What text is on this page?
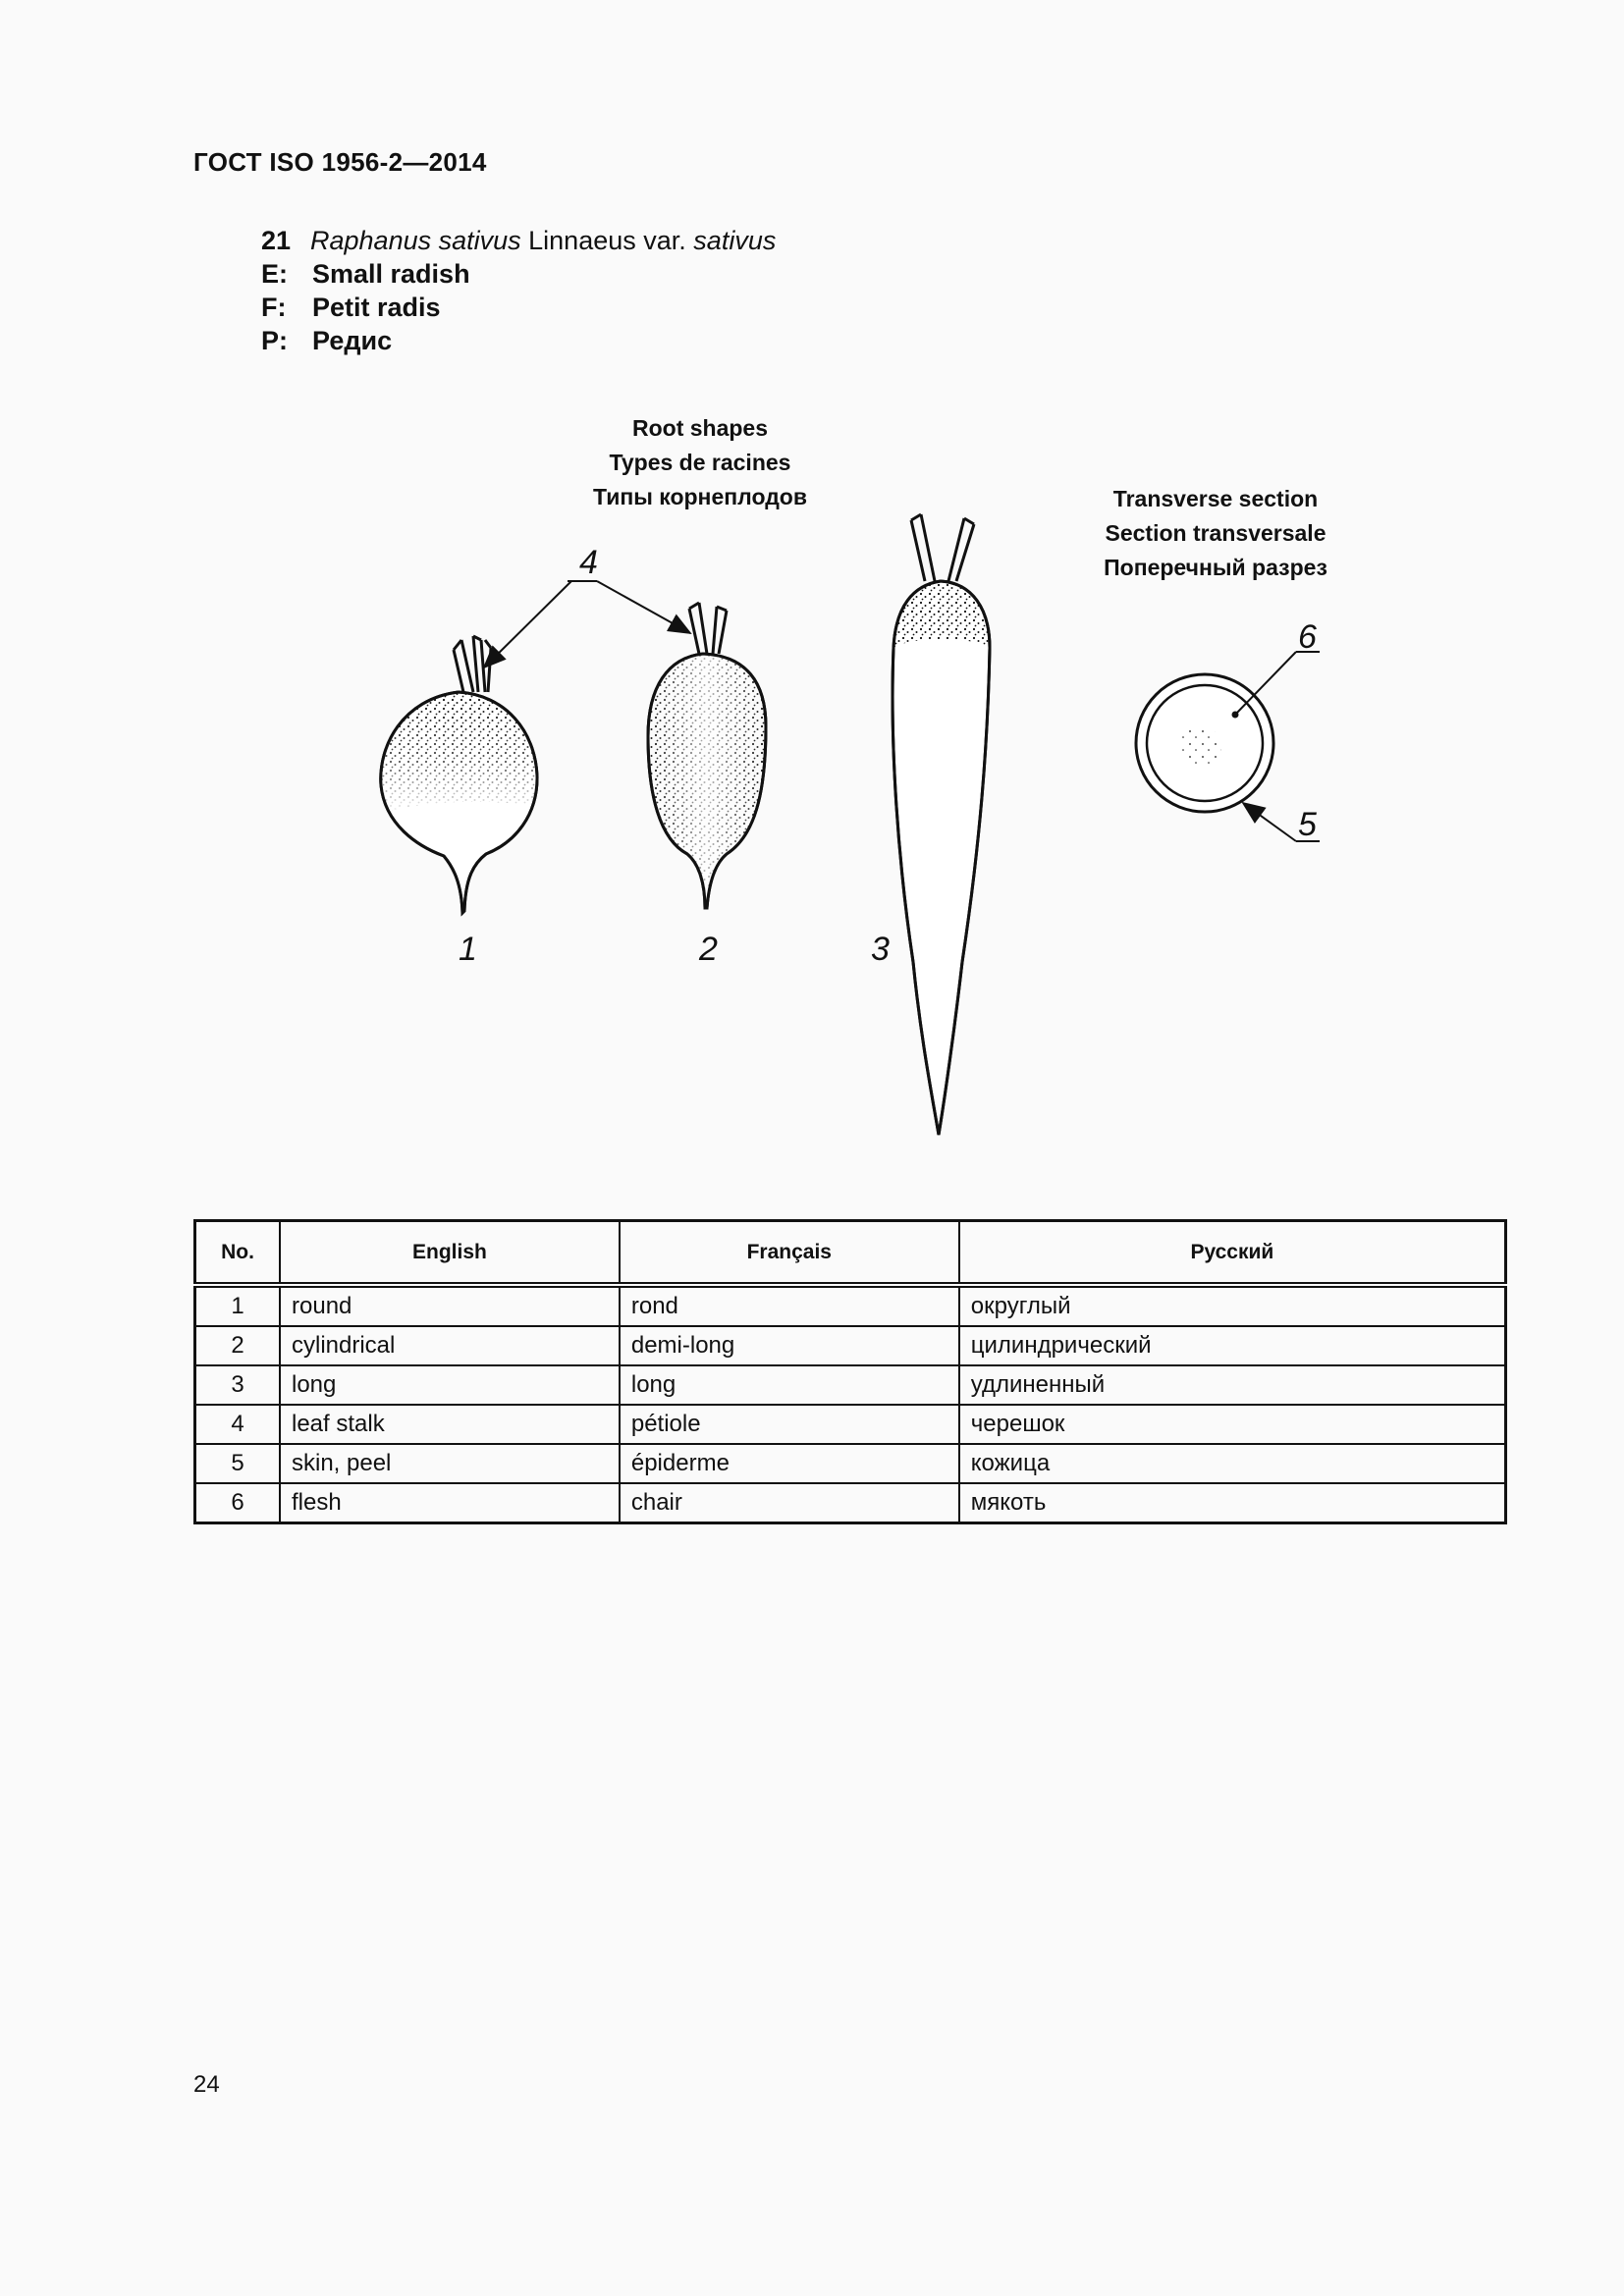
ГОСТ ISO 1956-2—2014
21 Raphanus sativus Linnaeus var. sativus
E: Small radish
F: Petit radis
P: Редис
Root shapes
Types de racines
Типы корнеплодов	Transverse section
Section transversale
Поперечный разрез
1	2	3
4
5
6
No.	English	Français	Русский
1	round	rond	округлый
2	cylindrical	demi-long	цилиндрический
3	long	long	удлиненный
4	leaf stalk	pétiole	черешок
5	skin, peel	épiderme	кожица
6	flesh	chair	мякоть
24
